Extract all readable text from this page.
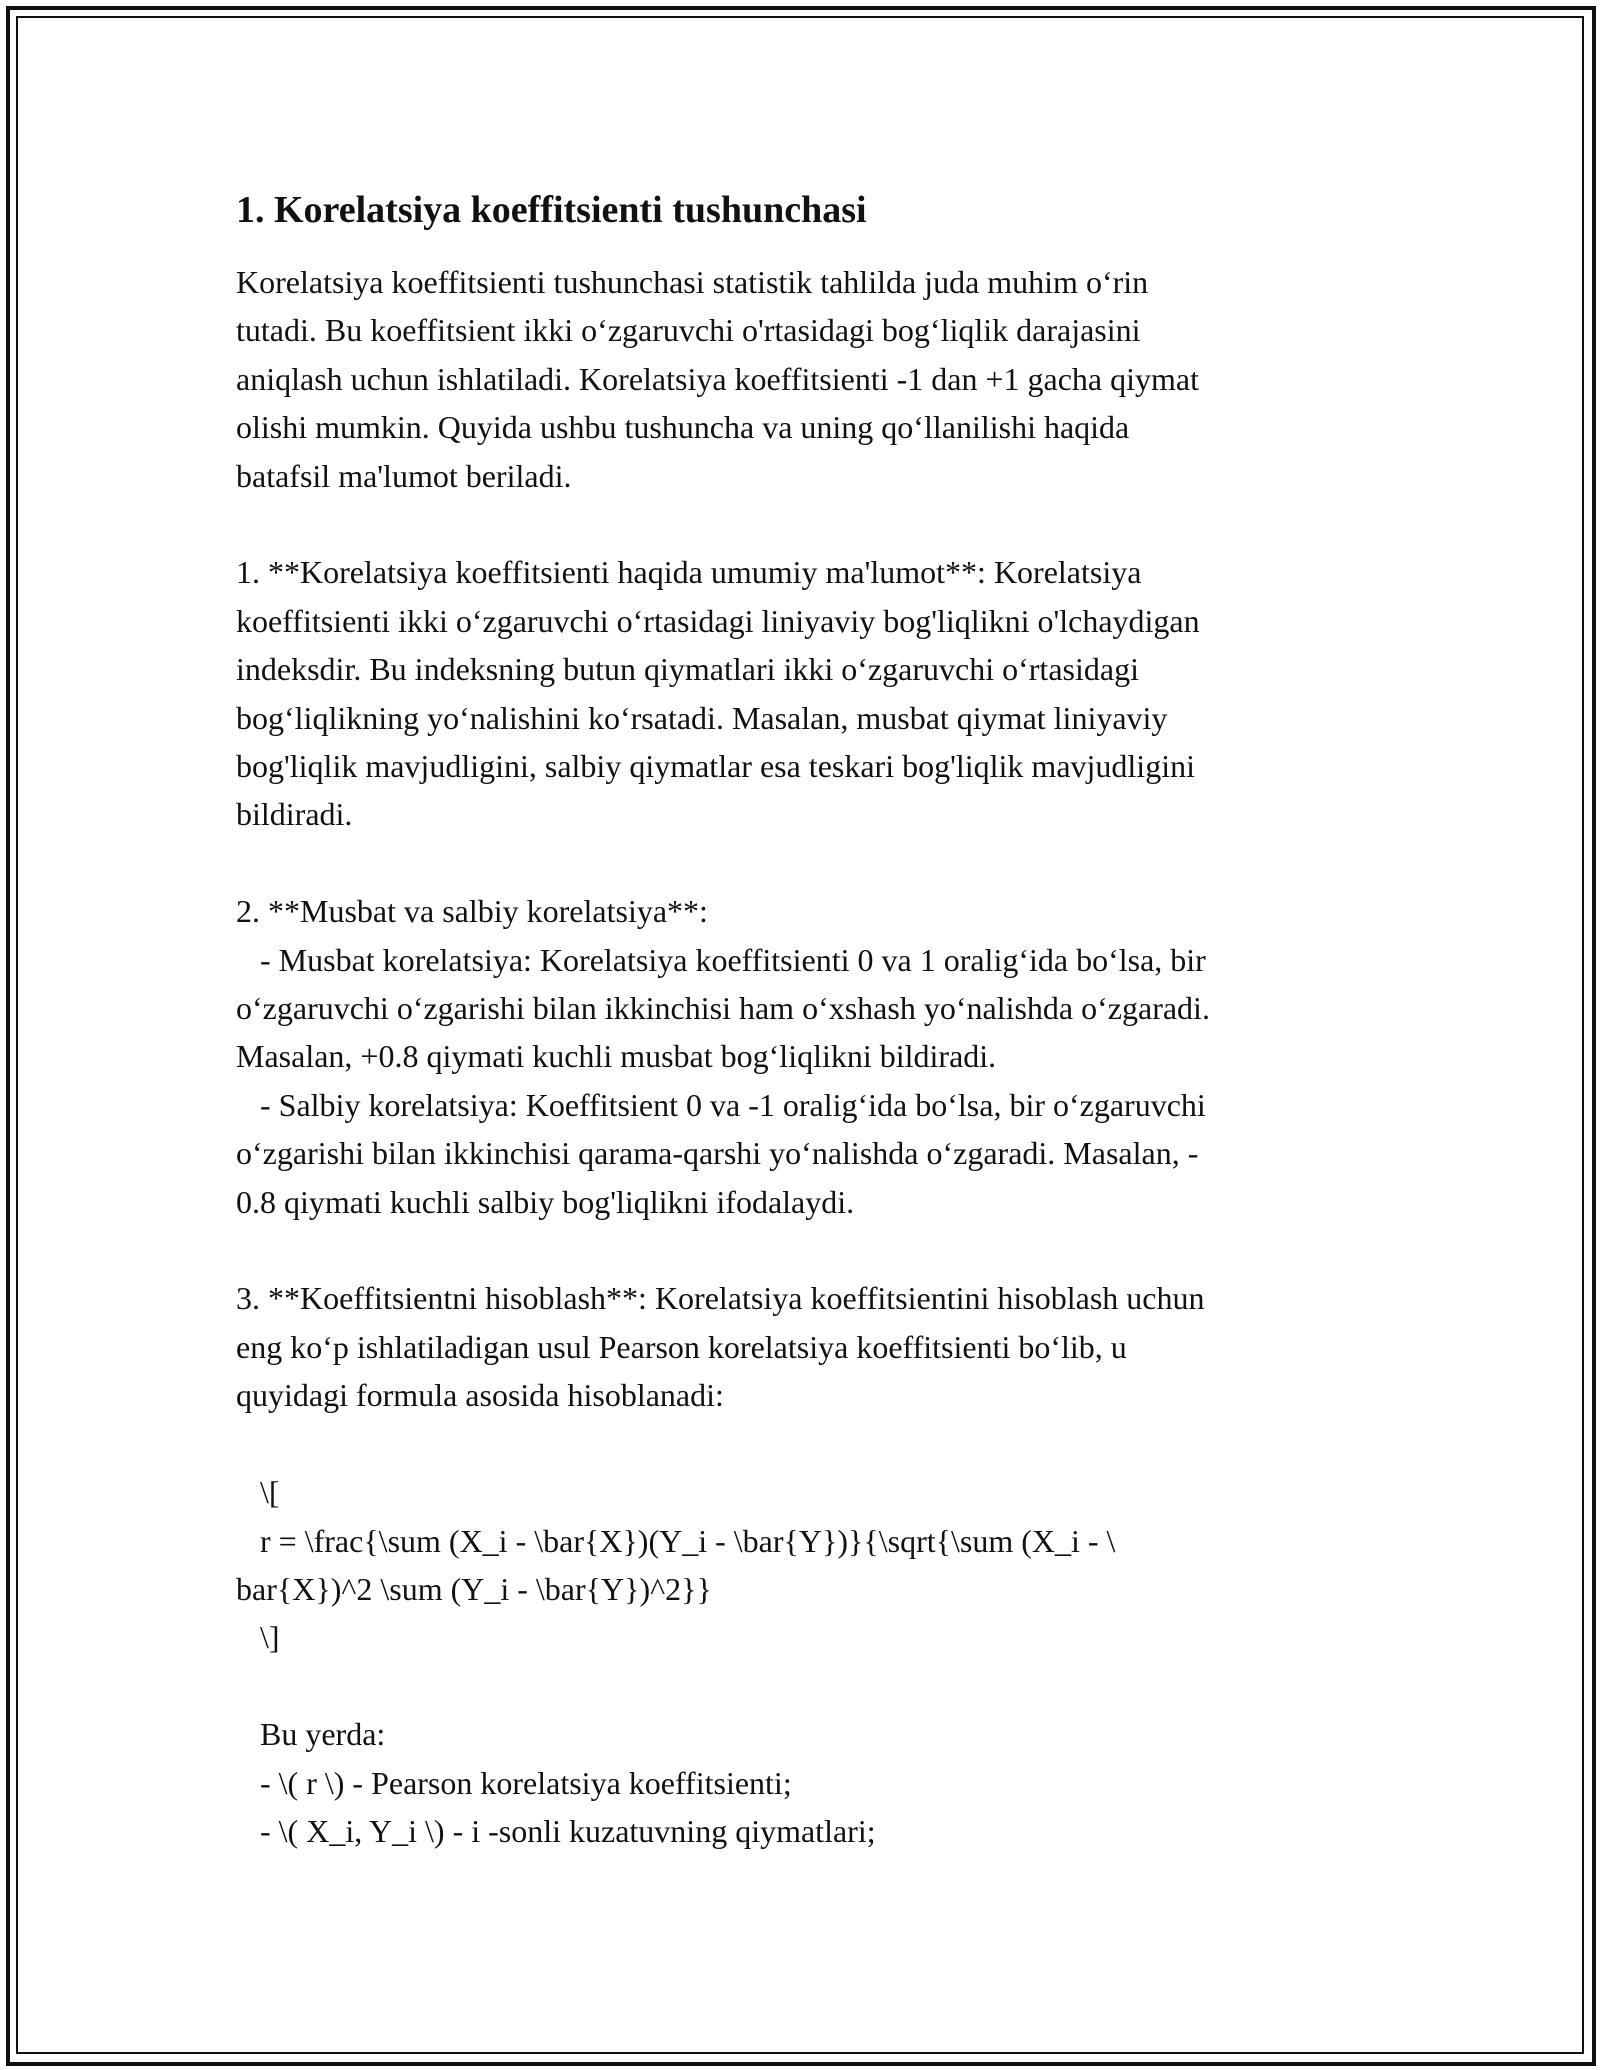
1. Korelatsiya koeffitsienti tushunchasi
Korelatsiya koeffitsienti tushunchasi statistik tahlilda juda muhim o‘rin
tutadi. Bu koeffitsient ikki o‘zgaruvchi o'rtasidagi bog‘liqlik darajasini
aniqlash uchun ishlatiladi. Korelatsiya koeffitsienti -1 dan +1 gacha qiymat
olishi mumkin. Quyida ushbu tushuncha va uning qo‘llanilishi haqida
batafsil ma'lumot beriladi.
1. **Korelatsiya koeffitsienti haqida umumiy ma'lumot**: Korelatsiya
koeffitsienti ikki o‘zgaruvchi o‘rtasidagi liniyaviy bog'liqlikni o'lchaydigan
indeksdir. Bu indeksning butun qiymatlari ikki o‘zgaruvchi o‘rtasidagi
bog‘liqlikning yo‘nalishini ko‘rsatadi. Masalan, musbat qiymat liniyaviy
bog'liqlik mavjudligini, salbiy qiymatlar esa teskari bog'liqlik mavjudligini
bildiradi.
2. **Musbat va salbiy korelatsiya**:
- Musbat korelatsiya: Korelatsiya koeffitsienti 0 va 1 oralig‘ida bo‘lsa, bir
o‘zgaruvchi o‘zgarishi bilan ikkinchisi ham o‘xshash yo‘nalishda o‘zgaradi.
Masalan, +0.8 qiymati kuchli musbat bog‘liqlikni bildiradi.
- Salbiy korelatsiya: Koeffitsient 0 va -1 oralig‘ida bo‘lsa, bir o‘zgaruvchi
o‘zgarishi bilan ikkinchisi qarama-qarshi yo‘nalishda o‘zgaradi. Masalan, -
0.8 qiymati kuchli salbiy bog'liqlikni ifodalaydi.
3. **Koeffitsientni hisoblash**: Korelatsiya koeffitsientini hisoblash uchun
eng ko‘p ishlatiladigan usul Pearson korelatsiya koeffitsienti bo‘lib, u
quyidagi formula asosida hisoblanadi:
\[
r = \frac{\sum (X_i - \bar{X})(Y_i - \bar{Y})}{\sqrt{\sum (X_i - \
bar{X})^2 \sum (Y_i - \bar{Y})^2}}
\]
Bu yerda:
- \( r \) - Pearson korelatsiya koeffitsienti;
- \( X_i, Y_i \) - i -sonli kuzatuvning qiymatlari;
